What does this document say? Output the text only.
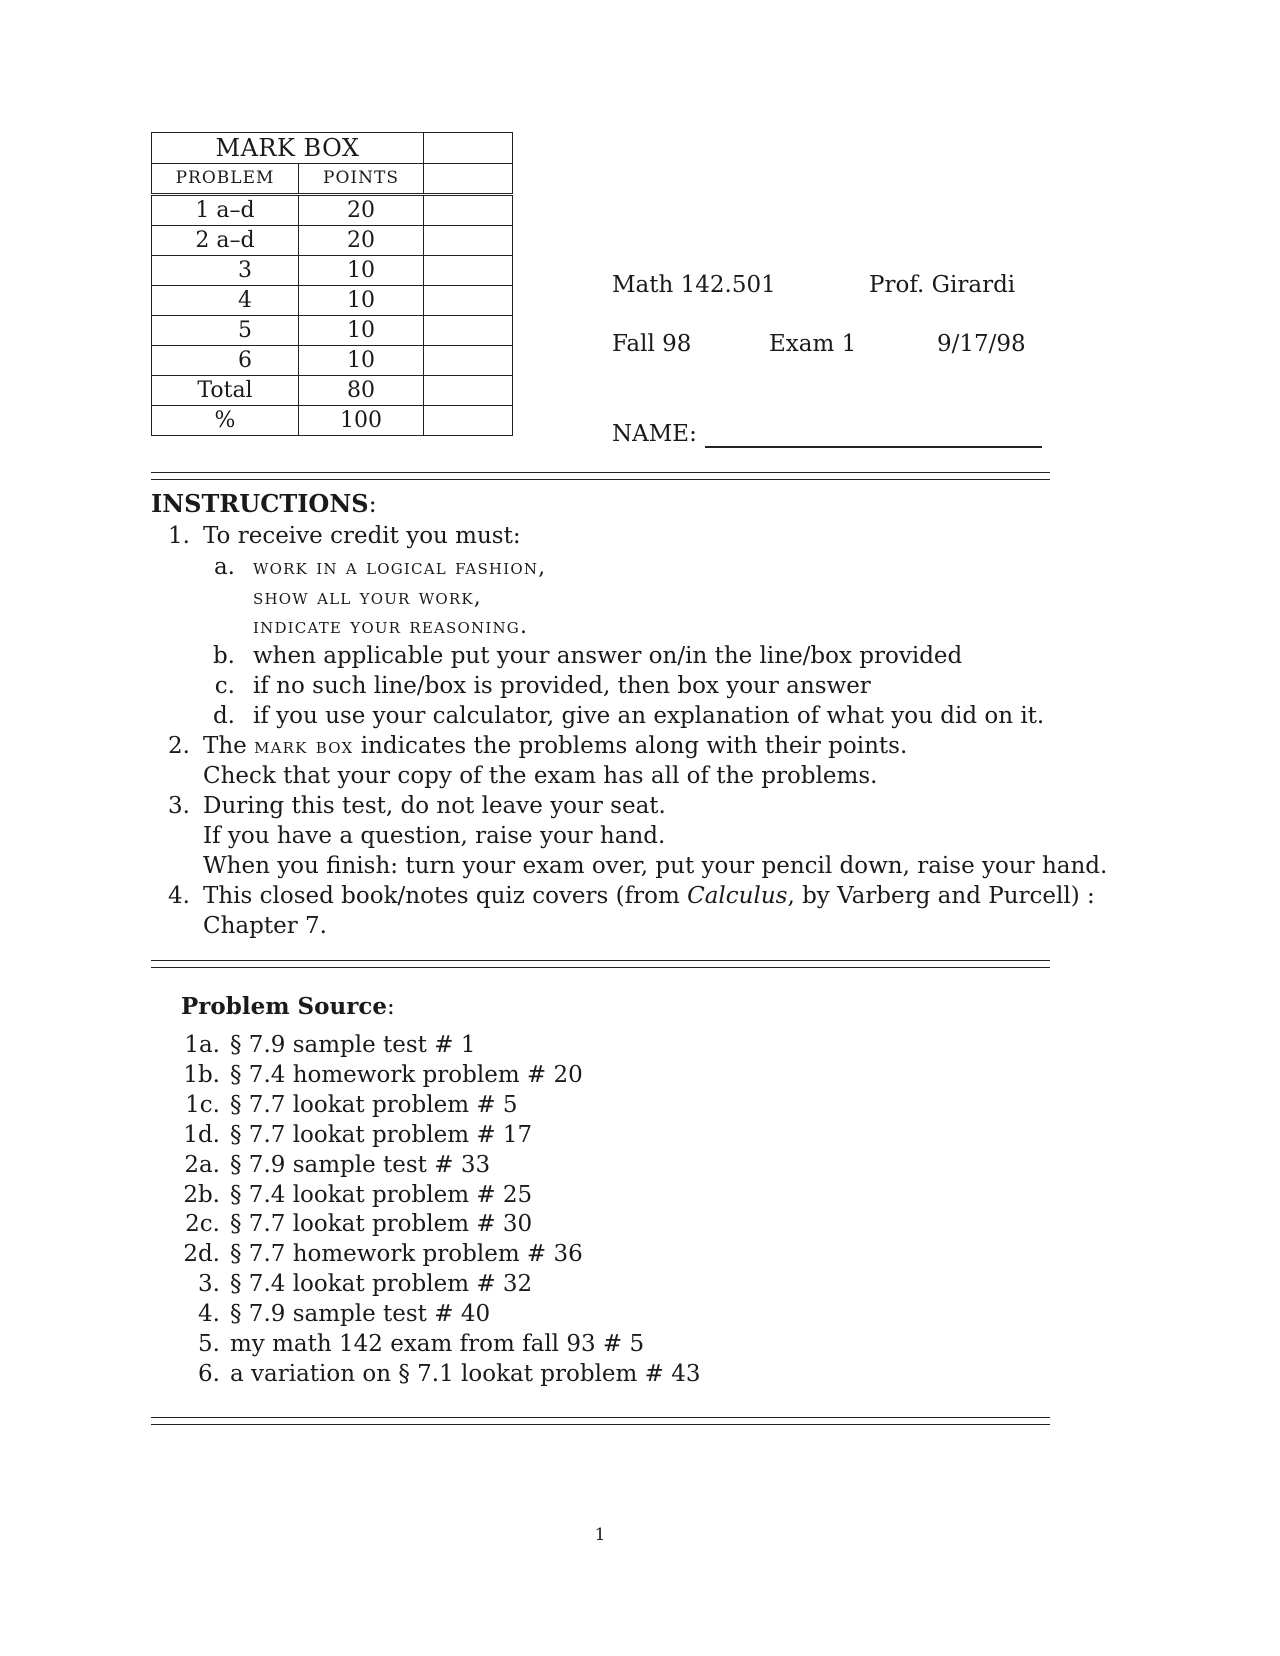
MARK BOX		
PROBLEM	POINTS	
1 a–d	20	
2 a–d	20	
3	10	
4	10	
5	10	
6	10	
Total	80	
%	100	
Math 142.501	Prof. Girardi
Fall 98	Exam 1	9/17/98
NAME:
INSTRUCTIONS:
1. To receive credit you must:
a. work in a logical fashion,
show all your work,
indicate your reasoning.
b. when applicable put your answer on/in the line/box provided
c. if no such line/box is provided, then box your answer
d. if you use your calculator, give an explanation of what you did on it.
2. The mark box indicates the problems along with their points.
Check that your copy of the exam has all of the problems.
3. During this test, do not leave your seat.
If you have a question, raise your hand.
When you finish: turn your exam over, put your pencil down, raise your hand.
4. This closed book/notes quiz covers (from Calculus, by Varberg and Purcell) :
Chapter 7.
Problem Source:
1a. § 7.9 sample test # 1
1b. § 7.4 homework problem # 20
1c. § 7.7 lookat problem # 5
1d. § 7.7 lookat problem # 17
2a. § 7.9 sample test # 33
2b. § 7.4 lookat problem # 25
2c. § 7.7 lookat problem # 30
2d. § 7.7 homework problem # 36
3. § 7.4 lookat problem # 32
4. § 7.9 sample test # 40
5. my math 142 exam from fall 93 # 5
6. a variation on § 7.1 lookat problem # 43
1
